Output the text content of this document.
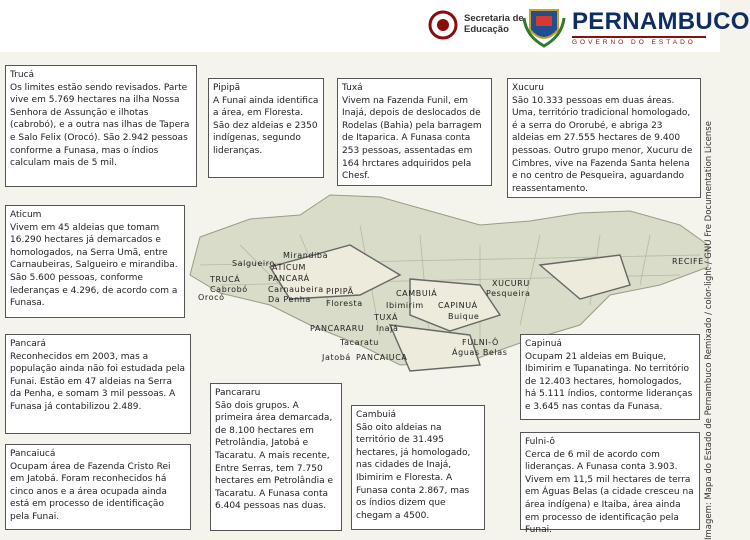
Secretaria de
Educação	PERNAMBUCO
GOVERNO DO ESTADO
Mirandiba
Salgueiro
ATICUM
PANCARÁ
TRUCÁ
Cabrobó	Carnaubeira
Da Penha
Orocó
PIPIPÃ
Floresta
CAMBUIÁ
XUCURU
Pesqueira
Ibimirim CAPINUÁ
Buique
TUXÁ
Inajá
PANCARARU
Tacaratu
Jatobá PANCAIUCA
FULNI-Ô
Águas Belas
RECIFE

Trucá
Os limites estão sendo revisados. Parte vive em 5.769 hectares na ilha Nossa Senhora de Assunção e ilhotas (cabrobó), e a outra nas ilhas de Tapera e Salo Felix (Orocó). São 2.942 pessoas conforme a Funasa, mas o índios calculam mais de 5 mil.

Pipipã
A Funai ainda identifica a área, em Floresta. São dez aldeias e 2350 indígenas, segundo lideranças.

Tuxá
Vivem na Fazenda Funil, em Inajá, depois de deslocados de Rodelas (Bahia) pela barragem de Itaparica. A Funasa conta 253 pessoas, assentadas em 164 hrctares adquiridos pela Chesf.

Xucuru
São 10.333 pessoas em duas áreas. Uma, território tradicional homologado, é a serra do Ororubé, e abriga 23 aldeias em 27.555 hectares de 9.400 pessoas. Outro grupo menor, Xucuru de Cimbres, vive na Fazenda Santa helena e no centro de Pesqueira, aguardando reassentamento.

Aticum
Vivem em 45 aldeias que tomam 16.290 hectares já demarcados e homologados, na Serra Umã, entre Carnaubeiras, Salgueiro e mirandiba. São 5.600 pessoas, conforme lederanças e 4.296, de acordo com a Funasa.

Pancará
Reconhecidos em 2003, mas a população ainda não foi estudada pela Funai. Estão em 47 aldeias na Serra da Penha, e somam 3 mil pessoas. A Funasa já contabilizou 2.489.

Pancaiucá
Ocupam área de Fazenda Cristo Rei em Jatobá. Foram reconhecidos há cinco anos e a área ocupada ainda está em processo de identificação pela Funai.

Pancararu
São dois grupos. A primeira área demarcada, de 8.100 hectares em Petrolândia, Jatobá e Tacaratu. A mais recente, Entre Serras, tem 7.750 hectares em Petrolândia e Tacaratu. A Funasa conta 6.404 pessoas nas duas.

Cambuiá
São oito aldeias na território de 31.495 hectares, já homologado, nas cidades de Inajá, Ibimirim e Floresta. A Funasa conta 2.867, mas os índios dizem que chegam a 4500.

Capinuá
Ocupam 21 aldeias em Buique, Ibimirim e Tupanatinga. No território de 12.403 hectares, homologados, há 5.111 índios, contorme lideranças e 3.645 nas contas da Funasa.

Fulni-ô
Cerca de 6 mil de acordo com lideranças. A Funasa conta 3.903. Vivem em 11,5 mil hectares de terra em Águas Belas (a cidade cresceu na área indígena) e Itaiba, área ainda em processo de identificação pela Funai.	Imagem: Mapa do Estado de Pernambuco Remixado / color-light / GNU Fre Documentation License
